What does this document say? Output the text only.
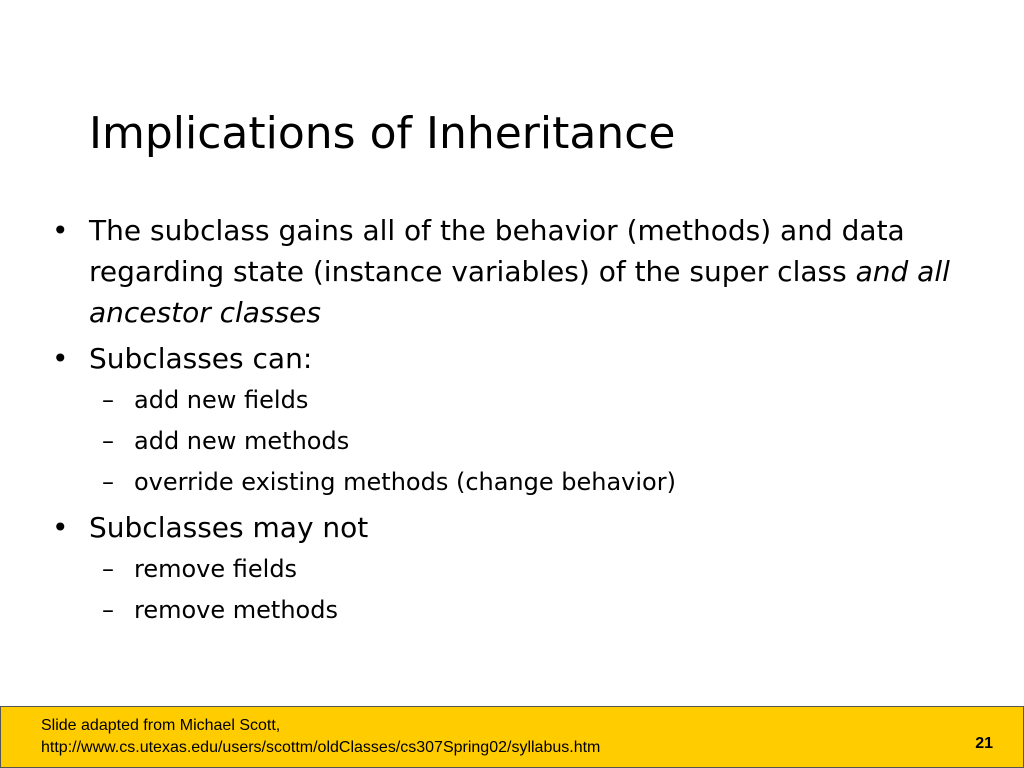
Implications of Inheritance
• The subclass gains all of the behavior (methods) and data regarding state (instance variables) of the super class and all ancestor classes
• Subclasses can:
– add new fields
– add new methods
– override existing methods (change behavior)
• Subclasses may not
– remove fields
– remove methods
Slide adapted from Michael Scott,
http://www.cs.utexas.edu/users/scottm/oldClasses/cs307Spring02/syllabus.htm	21
